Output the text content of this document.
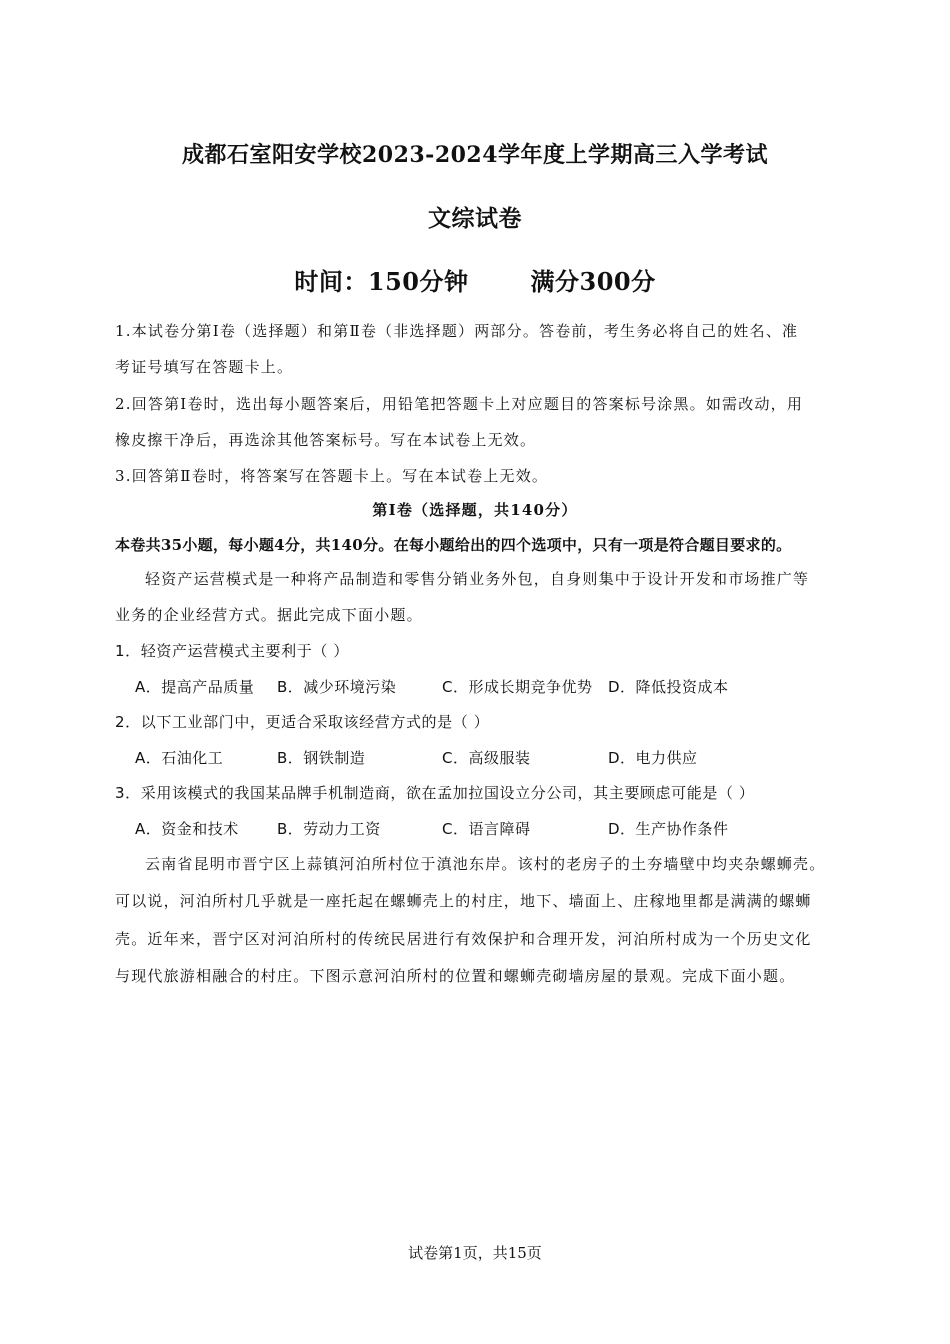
成都石室阳安学校2023-2024学年度上学期高三入学考试
文综试卷
时间：150分钟	满分300分
1.本试卷分第Ⅰ卷（选择题）和第Ⅱ卷（非选择题）两部分。答卷前，考生务必将自己的姓名、准
考证号填写在答题卡上。
2.回答第Ⅰ卷时，选出每小题答案后，用铅笔把答题卡上对应题目的答案标号涂黑。如需改动，用
橡皮擦干净后，再选涂其他答案标号。写在本试卷上无效。
3.回答第Ⅱ卷时，将答案写在答题卡上。写在本试卷上无效。
第Ⅰ卷（选择题，共140分）
本卷共35小题，每小题4分，共140分。在每小题给出的四个选项中，只有一项是符合题目要求的。
轻资产运营模式是一种将产品制造和零售分销业务外包，自身则集中于设计开发和市场推广等
业务的企业经营方式。据此完成下面小题。
1．轻资产运营模式主要利于（ ）
A．提高产品质量 B．减少环境污染	C．形成长期竞争优势 D．降低投资成本
2．以下工业部门中，更适合采取该经营方式的是（ ）
A．石油化工	B．钢铁制造	C．高级服装	D．电力供应
3．采用该模式的我国某品牌手机制造商，欲在孟加拉国设立分公司，其主要顾虑可能是（ ）
A．资金和技术	B．劳动力工资	C．语言障碍	D．生产协作条件
云南省昆明市晋宁区上蒜镇河泊所村位于滇池东岸。该村的老房子的土夯墙壁中均夹杂螺蛳壳。
可以说，河泊所村几乎就是一座托起在螺蛳壳上的村庄，地下、墙面上、庄稼地里都是满满的螺蛳
壳。近年来，晋宁区对河泊所村的传统民居进行有效保护和合理开发，河泊所村成为一个历史文化
与现代旅游相融合的村庄。下图示意河泊所村的位置和螺蛳壳砌墙房屋的景观。完成下面小题。
试卷第1页，共15页
